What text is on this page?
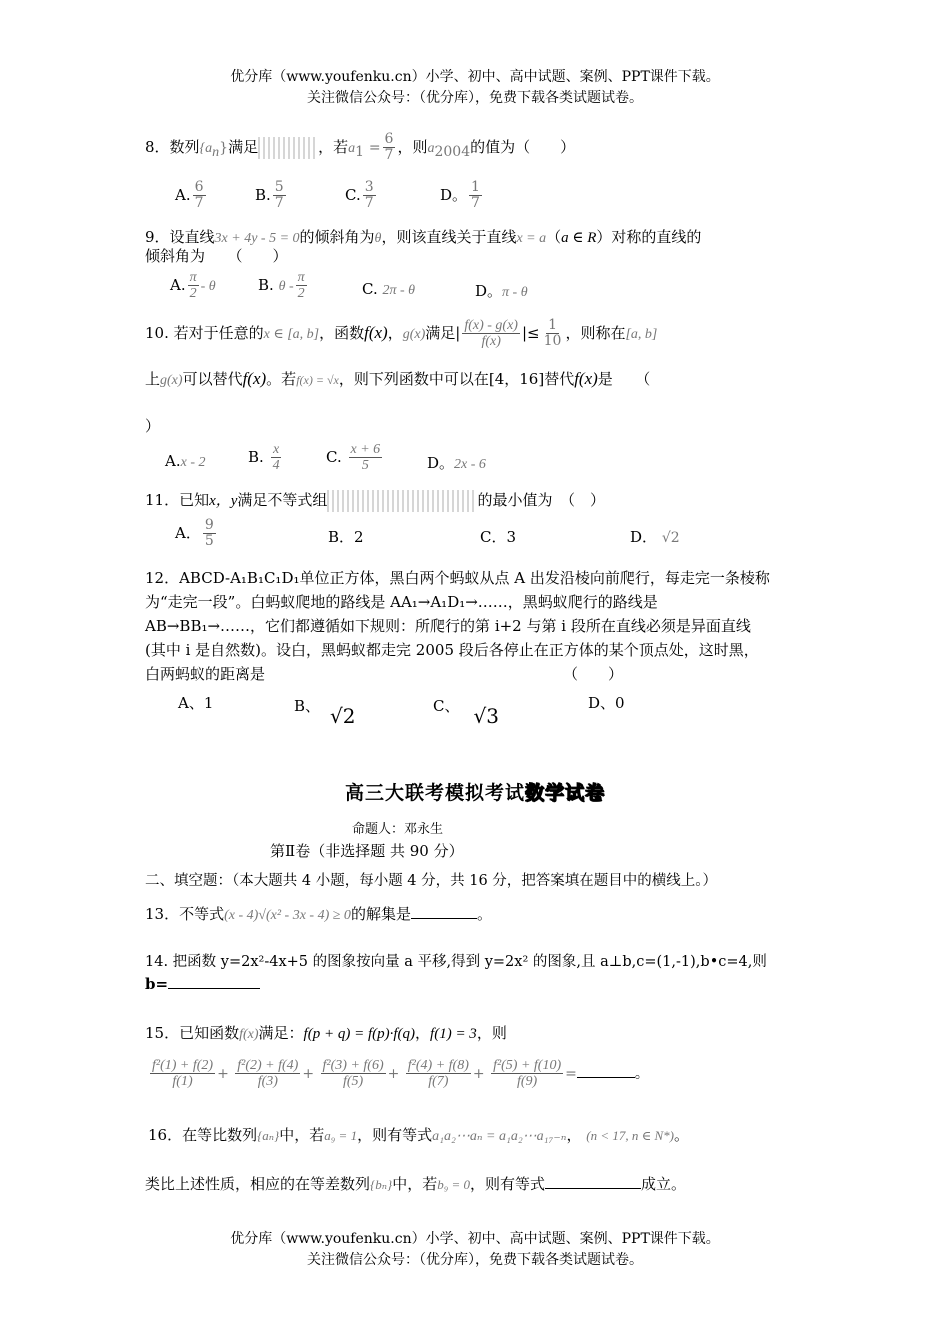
优分库（www.youfenku.cn）小学、初中、高中试题、案例、PPT课件下载。
关注微信公众号：（优分库），免费下载各类试题试卷。
8．数列$\{a_n\}$满足	，若$a_1 = \frac{6}{7}$ ，则$a_{2004}$的值为（　　）
A. $\frac{6}{7}$	B. $\frac{5}{7}$	C. $\frac{3}{7}$	D。 $\frac{1}{7}$
9．设直线3x + 4y - 5 = 0的倾斜角为θ，则该直线关于直线x = a（a ∈ R）对称的直线的
倾斜角为　　（　　）
A. $\frac{\pi}{2}$ - θ	B. θ - $\frac{\pi}{2}$	C. 2π - θ	D。π - θ
10. 若对于任意的x ∈ [a, b]，函数f(x)，g(x)满足| $\frac{f(x) - g(x)}{f(x)}$ |≤ $\frac{1}{10}$ ，则称在[a, b]
上g(x)可以替代f(x)。若f(x) = √x，则下列函数中可以在[4，16]替代f(x)是　　（
）
A.x - 2	B. $\frac{x}{4}$	C. $\frac{x + 6}{5}$	D。2x - 6
11．已知x，y满足不等式组	的最小值为　（　）
A． $\frac{9}{5}$	B．2	C．3	D． √2
12．ABCD-A₁B₁C₁D₁单位正方体，黑白两个蚂蚁从点 A 出发沿棱向前爬行，每走完一条棱称
为“走完一段”。白蚂蚁爬地的路线是 AA₁→A₁D₁→……，黑蚂蚁爬行的路线是
AB→BB₁→……，它们都遵循如下规则：所爬行的第 i+2 与第 i 段所在直线必须是异面直线
(其中 i 是自然数)。设白，黑蚂蚁都走完 2005 段后各停止在正方体的某个顶点处，这时黑，
白两蚂蚁的距离是	（　　）
A、1	B、 √2	C、 √3
D、0
高三大联考模拟考试数学试卷
命题人：邓永生
第Ⅱ卷（非选择题 共 90 分）
二、填空题：（本大题共 4 小题，每小题 4 分，共 16 分，把答案填在题目中的横线上。）
13．不等式(x - 4)√(x² - 3x - 4) ≥ 0的解集是	。
14. 把函数 y=2x²-4x+5 的图象按向量 a 平移,得到 y=2x² 的图象,且 a⊥b,c=(1,-1),b•c=4,则
b=
15．已知函数f(x)满足：f(p + q) = f(p)·f(q)，f(1) = 3，则
$\frac{\text{f²(1) + f(2)}}{f(1)} + \frac{\text{f²(2) + f(4)}}{f(3)} + \frac{\text{f²(3) + f(6)}}{f(5)} + \frac{\text{f²(4) + f(8)}}{f(7)} + \frac{\text{f²(5) + f(10)}}{f(9)}$ =	。
16．在等比数列{aₙ}中，若a₉ = 1，则有等式a₁a₂⋯aₙ = a₁a₂⋯a₁₇₋ₙ， (n < 17, n ∈ N*)。
类比上述性质，相应的在等差数列{bₙ}中，若b₉ = 0，则有等式	成立。
优分库（www.youfenku.cn）小学、初中、高中试题、案例、PPT课件下载。
关注微信公众号：（优分库），免费下载各类试题试卷。
